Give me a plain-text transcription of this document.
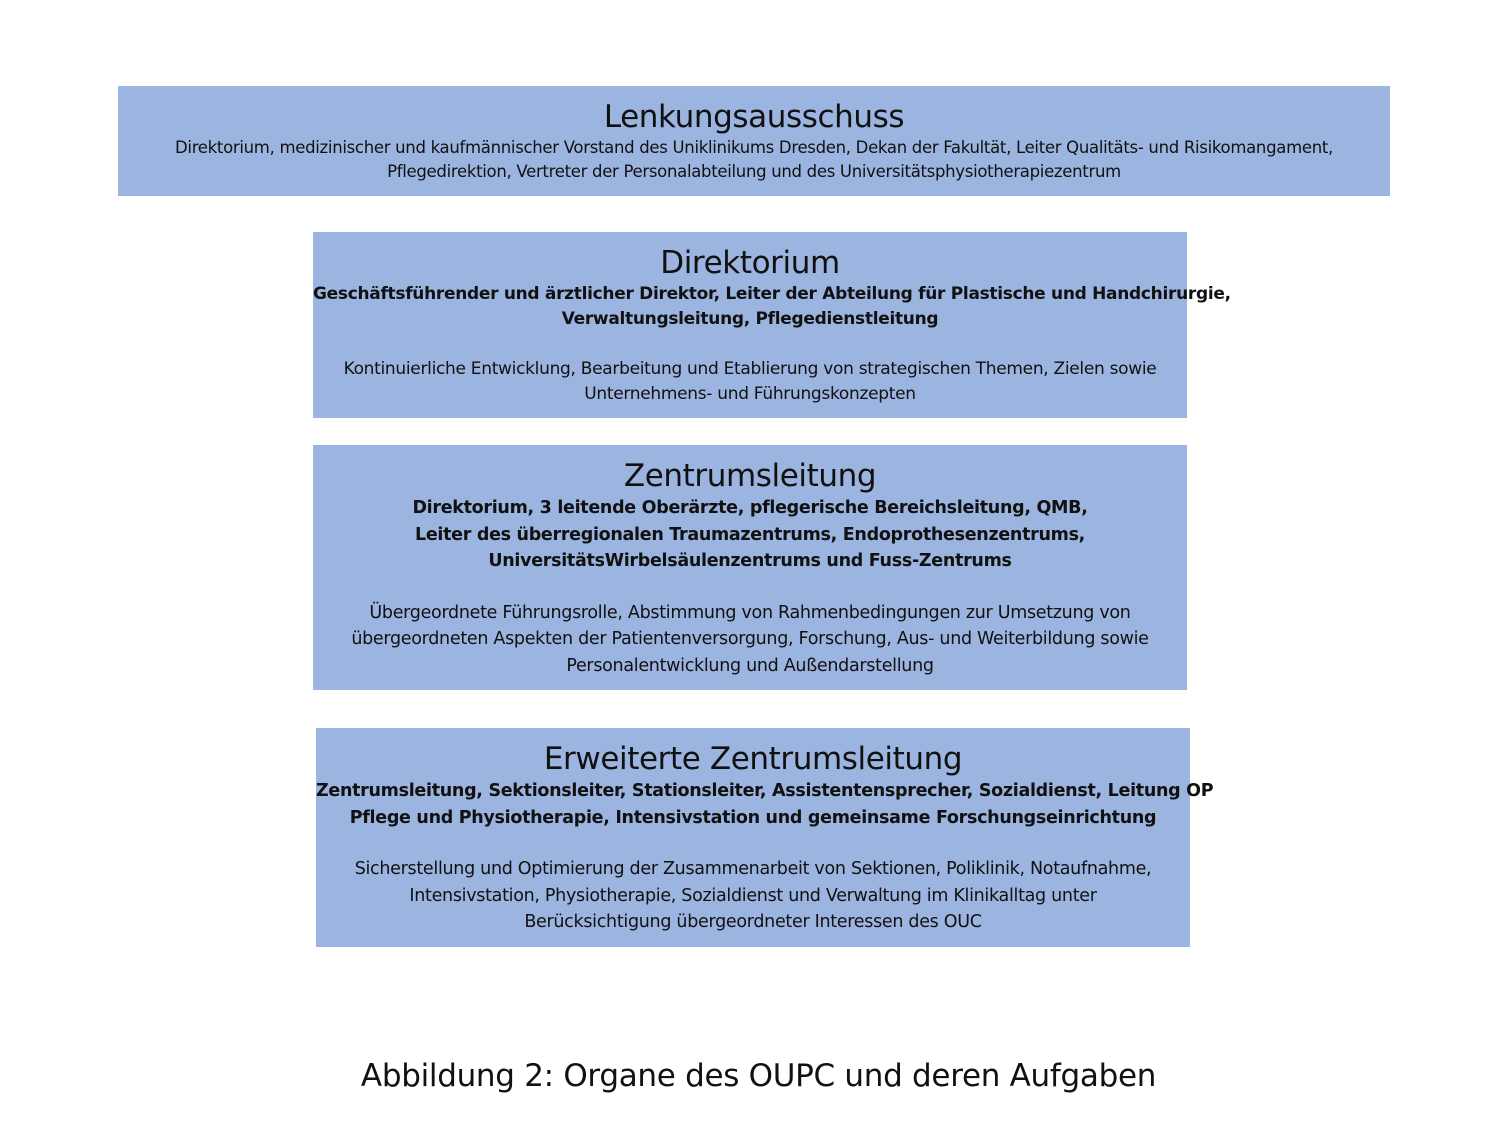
Lenkungsausschuss
Direktorium, medizinischer und kaufmännischer Vorstand des Uniklinikums Dresden, Dekan der Fakultät, Leiter Qualitäts- und Risikomangament,
Pflegedirektion, Vertreter der Personalabteilung und des Universitätsphysiotherapiezentrum
Direktorium
Geschäftsführender und ärztlicher Direktor, Leiter der Abteilung für Plastische und Handchirurgie,
Verwaltungsleitung, Pflegedienstleitung
Kontinuierliche Entwicklung, Bearbeitung und Etablierung von strategischen Themen, Zielen sowie
Unternehmens- und Führungskonzepten
Zentrumsleitung
Direktorium, 3 leitende Oberärzte, pflegerische Bereichsleitung, QMB,
Leiter des überregionalen Traumazentrums, Endoprothesenzentrums,
UniversitätsWirbelsäulenzentrums und Fuss-Zentrums
Übergeordnete Führungsrolle, Abstimmung von Rahmenbedingungen zur Umsetzung von
übergeordneten Aspekten der Patientenversorgung, Forschung, Aus- und Weiterbildung sowie
Personalentwicklung und Außendarstellung
Erweiterte Zentrumsleitung
Zentrumsleitung, Sektionsleiter, Stationsleiter, Assistentensprecher, Sozialdienst, Leitung OP
Pflege und Physiotherapie, Intensivstation und gemeinsame Forschungseinrichtung
Sicherstellung und Optimierung der Zusammenarbeit von Sektionen, Poliklinik, Notaufnahme,
Intensivstation, Physiotherapie, Sozialdienst und Verwaltung im Klinikalltag unter
Berücksichtigung übergeordneter Interessen des OUC
Abbildung 2: Organe des OUPC und deren Aufgaben
